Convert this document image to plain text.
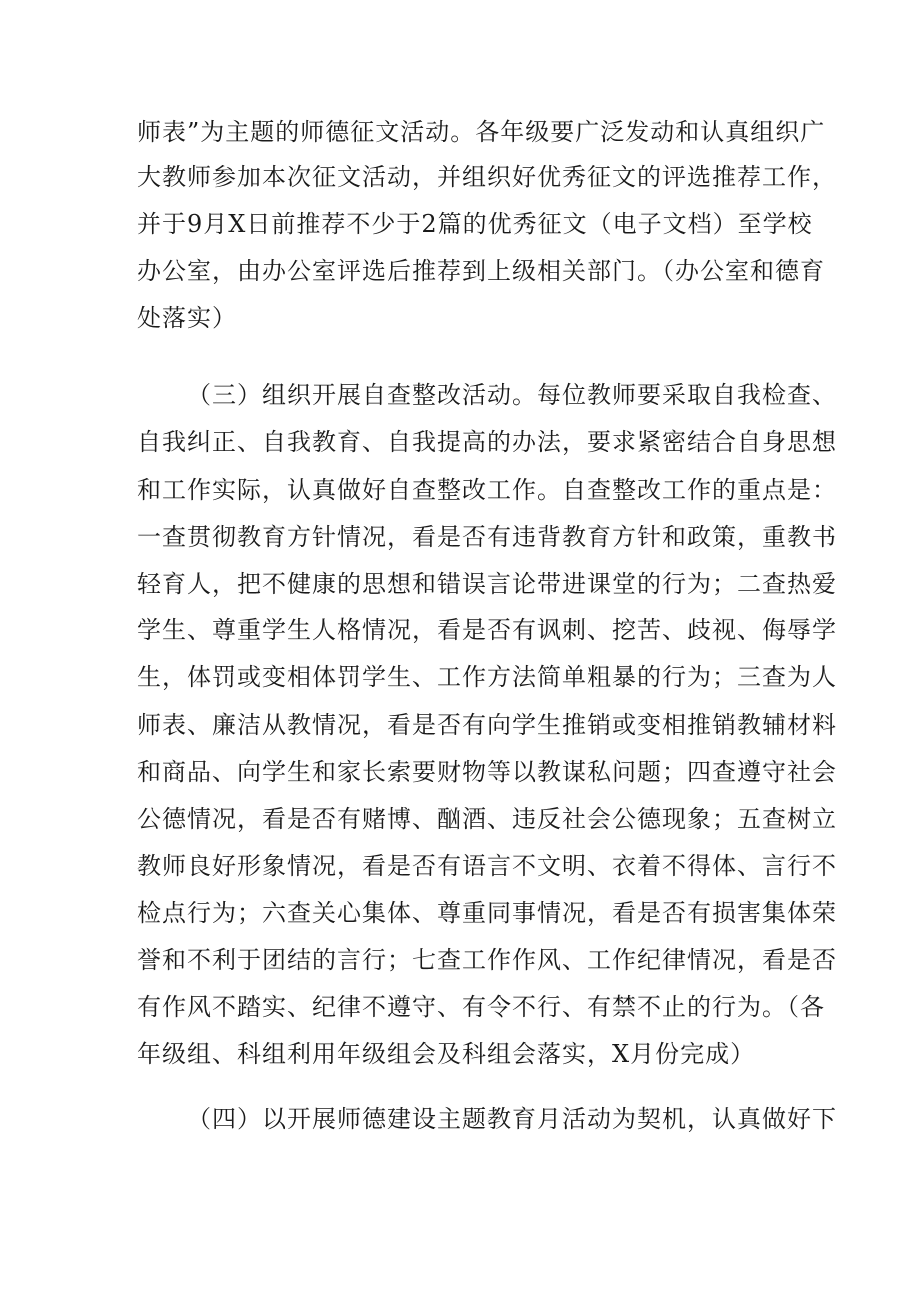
师表”为主题的师德征文活动。各年级要广泛发动和认真组织广
大教师参加本次征文活动，并组织好优秀征文的评选推荐工作，
并于9月X日前推荐不少于2篇的优秀征文（电子文档）至学校
办公室，由办公室评选后推荐到上级相关部门。（办公室和德育
处落实）
（三）组织开展自查整改活动。每位教师要采取自我检查、
自我纠正、自我教育、自我提高的办法，要求紧密结合自身思想
和工作实际，认真做好自查整改工作。自查整改工作的重点是：
一查贯彻教育方针情况，看是否有违背教育方针和政策，重教书
轻育人，把不健康的思想和错误言论带进课堂的行为；二查热爱
学生、尊重学生人格情况，看是否有讽刺、挖苦、歧视、侮辱学
生，体罚或变相体罚学生、工作方法简单粗暴的行为；三查为人
师表、廉洁从教情况，看是否有向学生推销或变相推销教辅材料
和商品、向学生和家长索要财物等以教谋私问题；四查遵守社会
公德情况，看是否有赌博、酗酒、违反社会公德现象；五查树立
教师良好形象情况，看是否有语言不文明、衣着不得体、言行不
检点行为；六查关心集体、尊重同事情况，看是否有损害集体荣
誉和不利于团结的言行；七查工作作风、工作纪律情况，看是否
有作风不踏实、纪律不遵守、有令不行、有禁不止的行为。（各
年级组、科组利用年级组会及科组会落实，X月份完成）
（四）以开展师德建设主题教育月活动为契机，认真做好下
